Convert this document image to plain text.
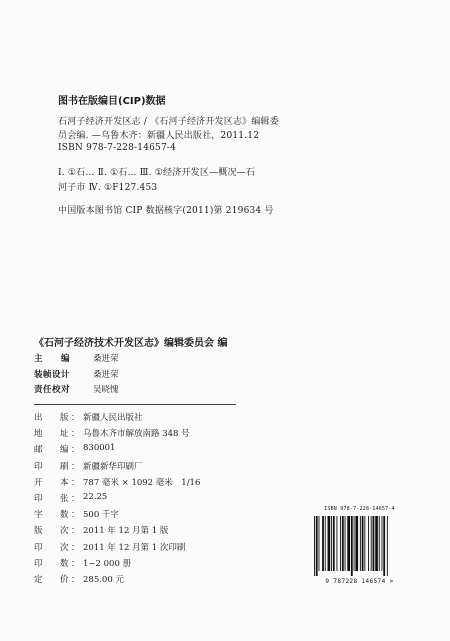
图书在版编目(CIP)数据
石河子经济开发区志 / 《石河子经济开发区志》编辑委
员会编. —乌鲁木齐：新疆人民出版社，2011.12
ISBN 978-7-228-14657-4
Ⅰ. ①石… Ⅱ. ①石… Ⅲ. ①经济开发区—概况—石
河子市 Ⅳ. ①F127.453
中国版本图书馆 CIP 数据核字(2011)第 219634 号
《石河子经济技术开发区志》编辑委员会 编
主　　编	桑进荣
装帧设计	桑进荣
责任校对	吴晓愧
出	版 ： 新疆人民出版社
地	址 ： 乌鲁木齐市解放南路 348 号
邮	编 ： 830001
印	刷 ： 新疆新华印刷厂
开	本 ： 787 毫米 × 1092 毫米　1/16
印	张 ： 22.25
字	数 ： 500 千字
版	次 ： 2011 年 12 月第 1 版
印	次 ： 2011 年 12 月第 1 次印刷
印	数 ： 1~2 000 册
定	价 ： 285.00 元
ISBN 978-7-228-14657-4
9 787228 146574 >
